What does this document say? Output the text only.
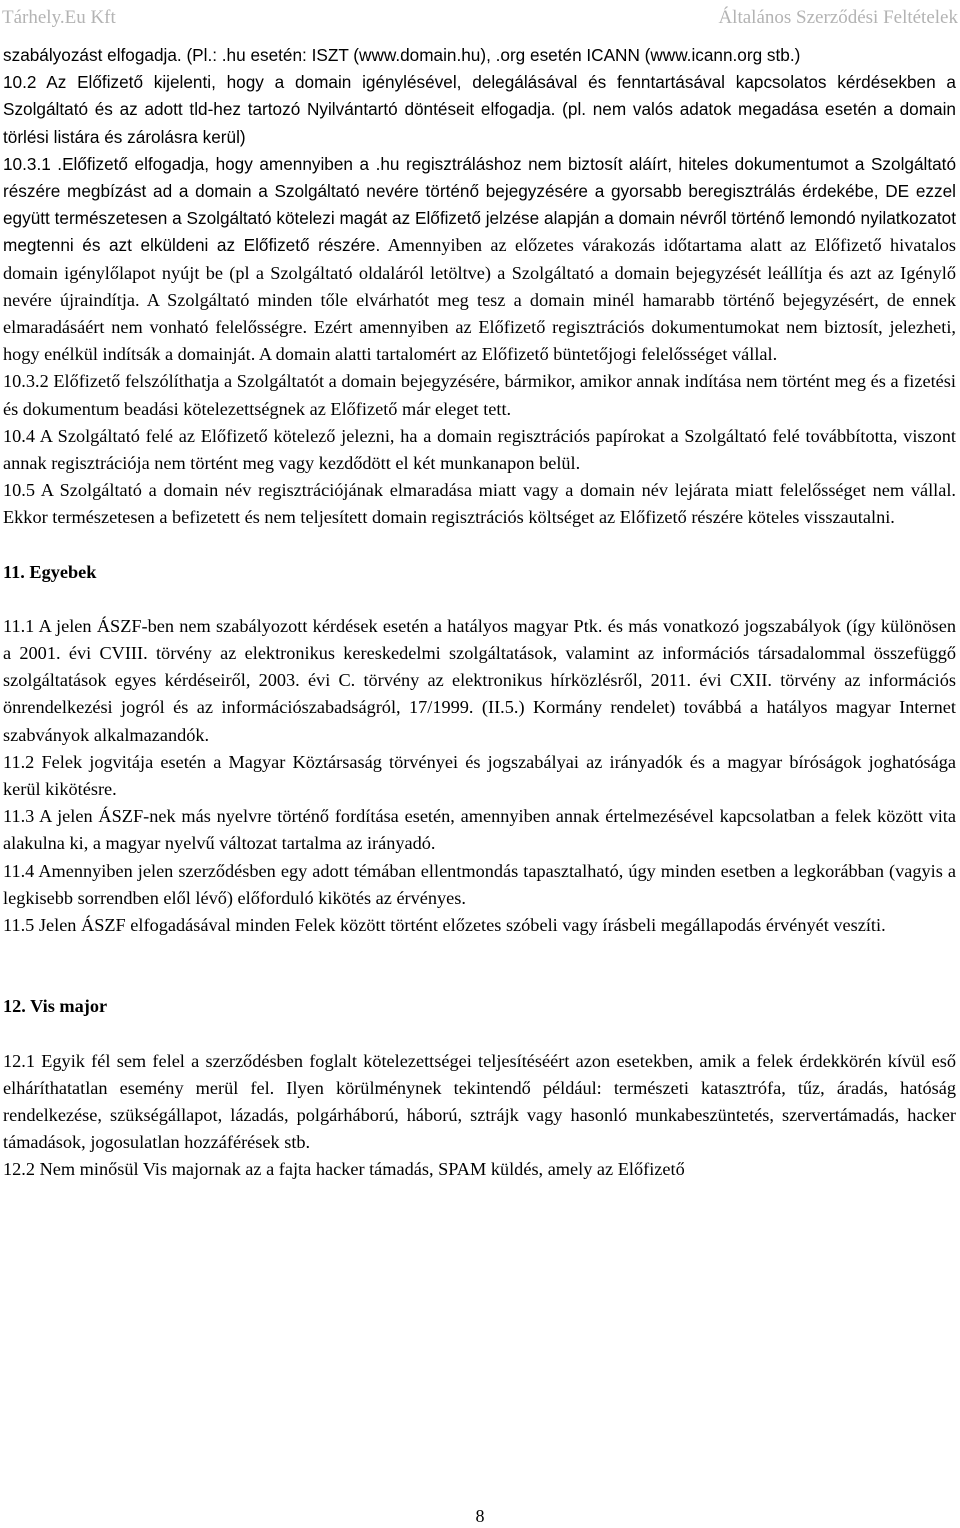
Tárhely.Eu Kft	Általános Szerződési Feltételek

szabályozást elfogadja. (Pl.: .hu esetén: ISZT (www.domain.hu), .org esetén ICANN (www.icann.org stb.)

10.2 Az Előfizető kijelenti, hogy a domain igénylésével, delegálásával és fenntartásával kapcsolatos kérdésekben a Szolgáltató és az adott tld-hez tartozó Nyilvántartó döntéseit elfogadja. (pl. nem valós adatok megadása esetén a domain törlési listára és zárolásra kerül)

10.3.1 .Előfizető elfogadja, hogy amennyiben a .hu regisztráláshoz nem biztosít aláírt, hiteles dokumentumot a Szolgáltató részére megbízást ad a domain a Szolgáltató nevére történő bejegyzésére a gyorsabb beregisztrálás érdekébe, DE ezzel együtt természetesen a Szolgáltató kötelezi magát az Előfizető jelzése alapján a domain névről történő lemondó nyilatkozatot megtenni és azt elküldeni az Előfizető részére. Amennyiben az előzetes várakozás időtartama alatt az Előfizető hivatalos domain igénylőlapot nyújt be (pl a Szolgáltató oldaláról letöltve) a Szolgáltató a domain bejegyzését leállítja és azt az Igénylő nevére újraindítja. A Szolgáltató minden tőle elvárhatót meg tesz a domain minél hamarabb történő bejegyzésért, de ennek elmaradásáért nem vonható felelősségre. Ezért amennyiben az Előfizető regisztrációs dokumentumokat nem biztosít, jelezheti, hogy enélkül indítsák a domainját. A domain alatti tartalomért az Előfizető büntetőjogi felelősséget vállal.

10.3.2 Előfizető felszólíthatja a Szolgáltatót a domain bejegyzésére, bármikor, amikor annak indítása nem történt meg és a fizetési és dokumentum beadási kötelezettségnek az Előfizető már eleget tett.

10.4 A Szolgáltató felé az Előfizető kötelező jelezni, ha a domain regisztrációs papírokat a Szolgáltató felé továbbította, viszont annak regisztrációja nem történt meg vagy kezdődött el két munkanapon belül.

10.5 A Szolgáltató a domain név regisztrációjának elmaradása miatt vagy a domain név lejárata miatt felelősséget nem vállal. Ekkor természetesen a befizetett és nem teljesített domain regisztrációs költséget az Előfizető részére köteles visszautalni.

11. Egyebek

11.1 A jelen ÁSZF-ben nem szabályozott kérdések esetén a hatályos magyar Ptk. és más vonatkozó jogszabályok (így különösen a 2001. évi CVIII. törvény az elektronikus kereskedelmi szolgáltatások, valamint az információs társadalommal összefüggő szolgáltatások egyes kérdéseiről, 2003. évi C. törvény az elektronikus hírközlésről, 2011. évi CXII. törvény az információs önrendelkezési jogról és az információszabadságról, 17/1999. (II.5.) Kormány rendelet) továbbá a hatályos magyar Internet szabványok alkalmazandók.

11.2 Felek jogvitája esetén a Magyar Köztársaság törvényei és jogszabályai az irányadók és a magyar bíróságok joghatósága kerül kikötésre.

11.3 A jelen ÁSZF-nek más nyelvre történő fordítása esetén, amennyiben annak értelmezésével kapcsolatban a felek között vita alakulna ki, a magyar nyelvű változat tartalma az irányadó.

11.4 Amennyiben jelen szerződésben egy adott témában ellentmondás tapasztalható, úgy minden esetben a legkorábban (vagyis a legkisebb sorrendben elől lévő) előforduló kikötés az érvényes.

11.5 Jelen ÁSZF elfogadásával minden Felek között történt előzetes szóbeli vagy írásbeli megállapodás érvényét veszíti.

12. Vis major

12.1 Egyik fél sem felel a szerződésben foglalt kötelezettségei teljesítéséért azon esetekben, amik a felek érdekkörén kívül eső elháríthatatlan esemény merül fel. Ilyen körülménynek tekintendő például: természeti katasztrófa, tűz, áradás, hatóság rendelkezése, szükségállapot, lázadás, polgárháború, háború, sztrájk vagy hasonló munkabeszüntetés, szervertámadás, hacker támadások, jogosulatlan hozzáférések stb.

12.2 Nem minősül Vis majornak az a fajta hacker támadás, SPAM küldés, amely az Előfizető

8
